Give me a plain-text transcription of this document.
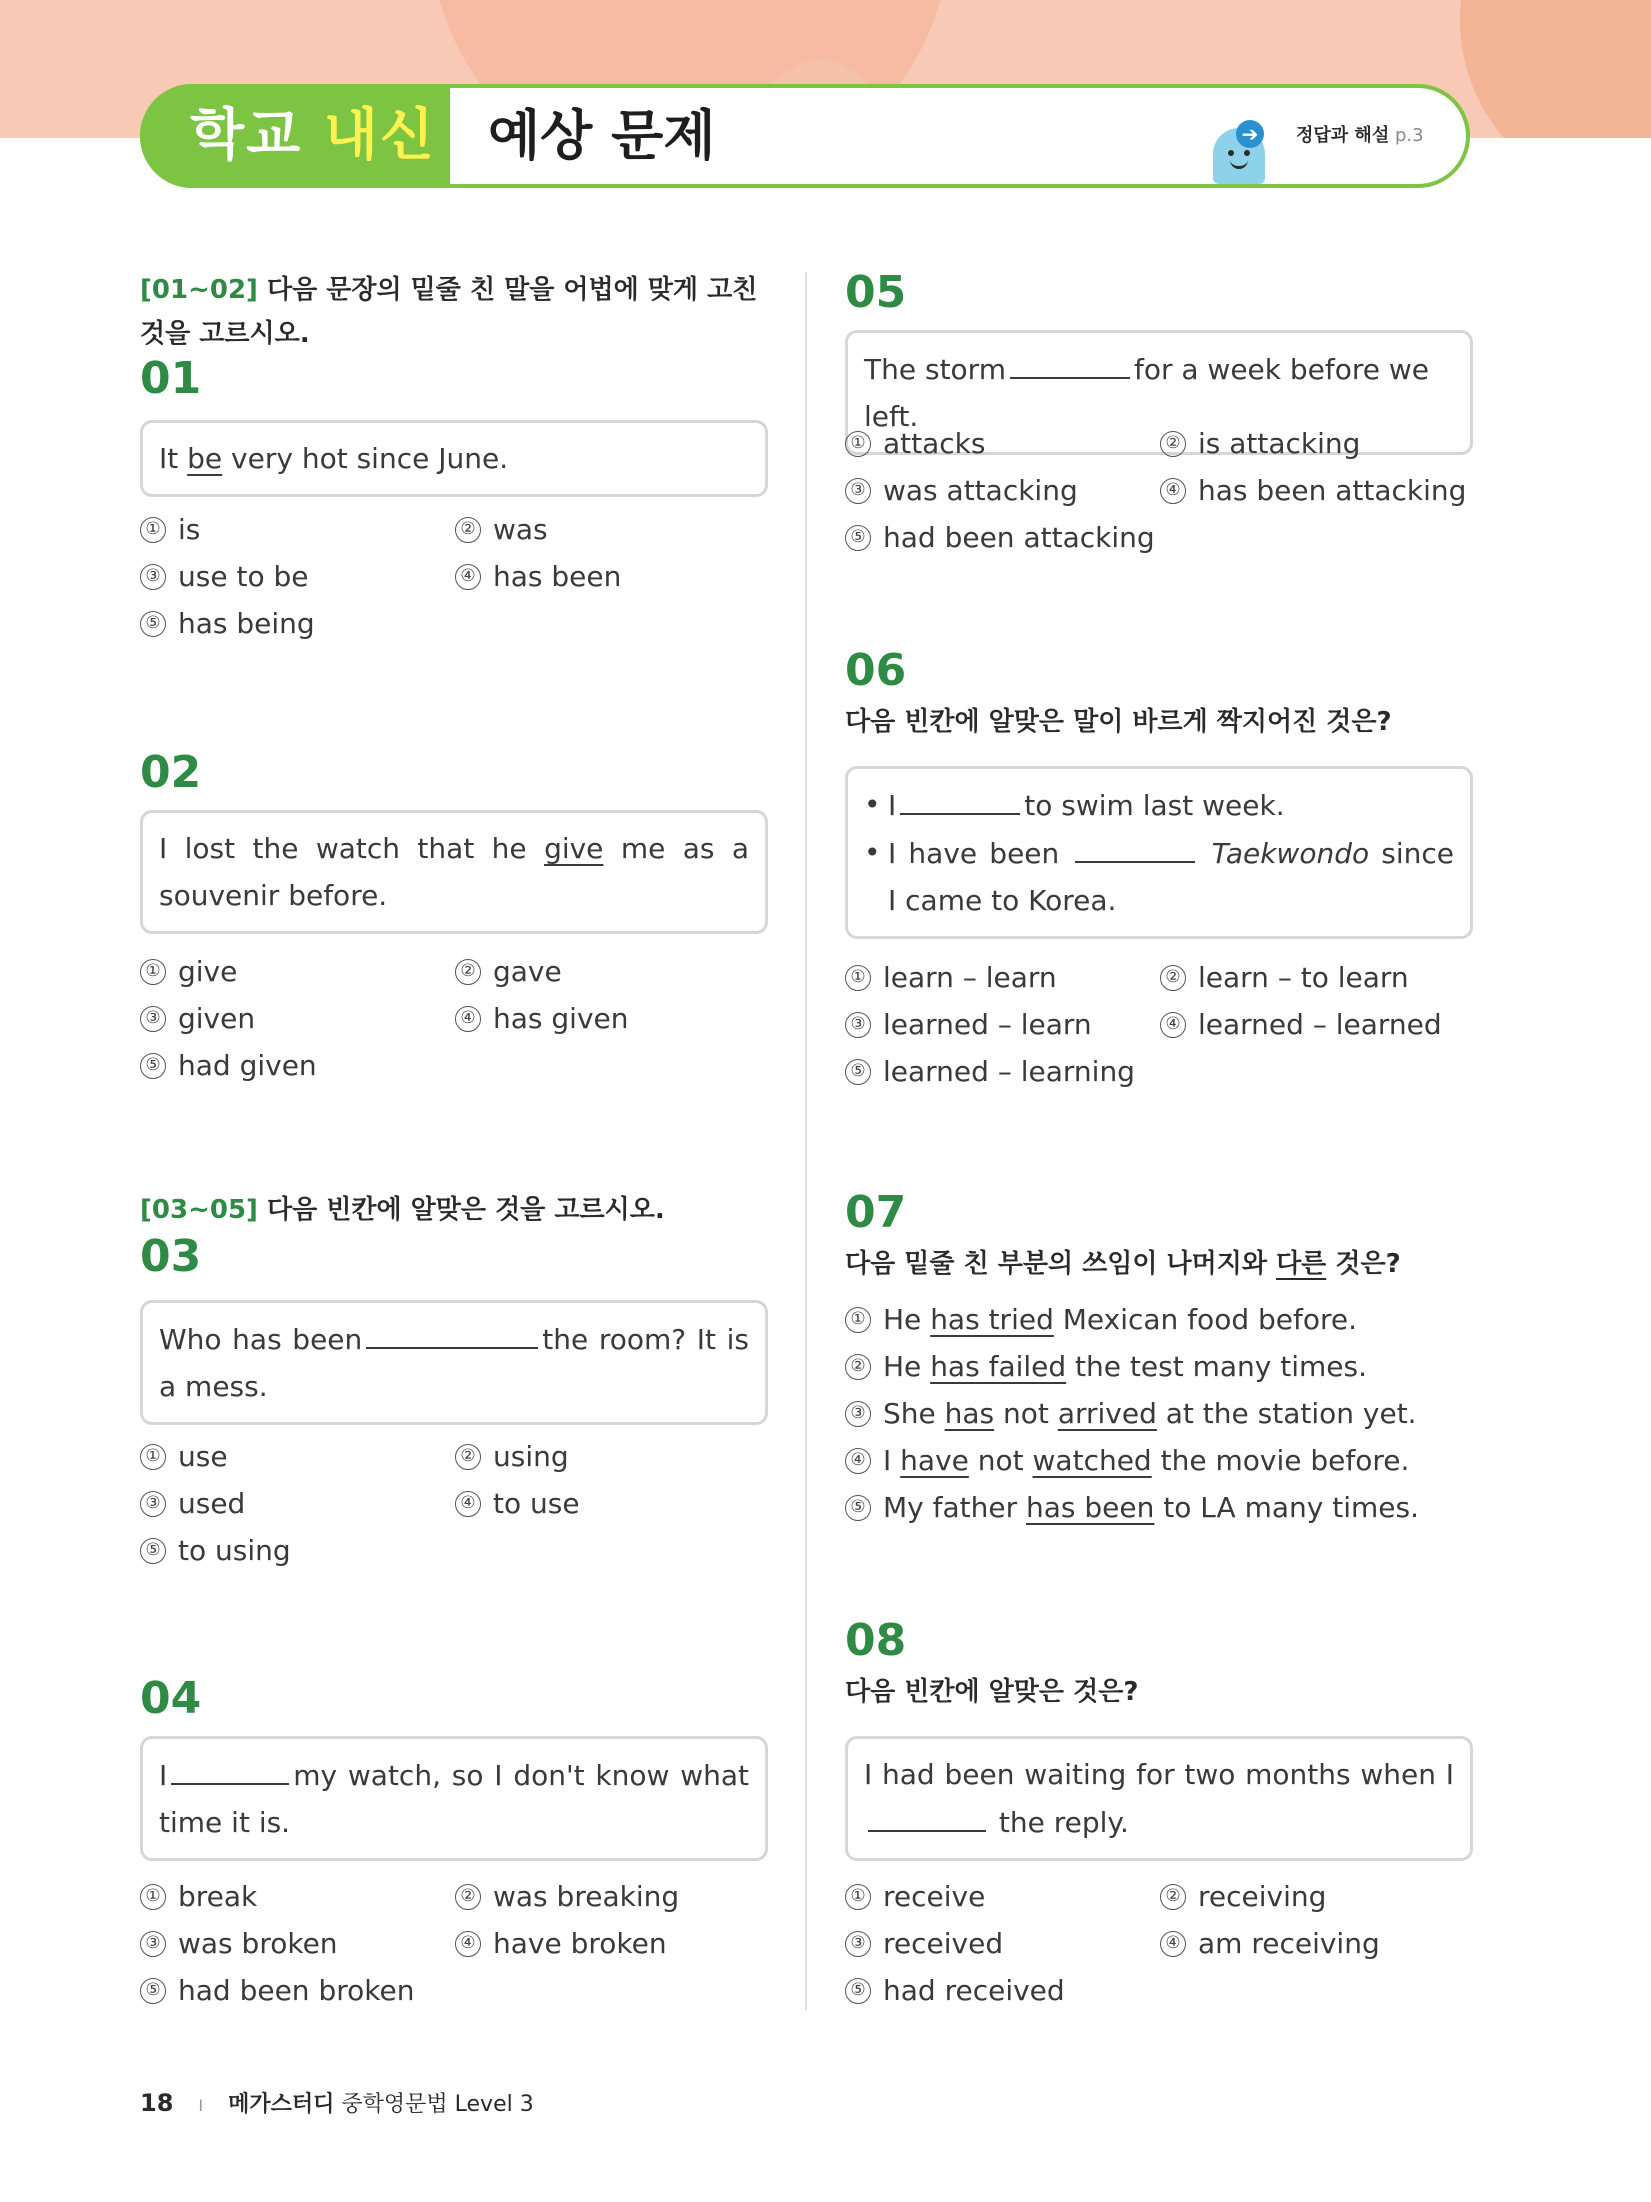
학교 내신 예상 문제	➔	정답과 해설 p.3
[01~02] 다음 문장의 밑줄 친 말을 어법에 맞게 고친 것을 고르시오.
01
It be very hot since June.
① is	② was
③ use to be	④ has been
⑤ has being
02
I lost the watch that he give me as a souvenir before.
① give	② gave
③ given	④ has given
⑤ had given
[03~05] 다음 빈칸에 알맞은 것을 고르시오.
03
Who has been	the room? It is a mess.
① use	② using
③ used	④ to use
⑤ to using
04
I	my watch, so I don't know what time it is.
① break	② was breaking
③ was broken	④ have broken
⑤ had been broken
05
The storm	for a week before we left.
① attacks	② is attacking
③ was attacking	④ has been attacking
⑤ had been attacking
06
다음 빈칸에 알맞은 말이 바르게 짝지어진 것은?
• I	to swim last week.
• I have been	Taekwondo since I came to Korea.
① learn – learn	② learn – to learn
③ learned – learn	④ learned – learned
⑤ learned – learning
07
다음 밑줄 친 부분의 쓰임이 나머지와 다른 것은?
① He has tried Mexican food before.
② He has failed the test many times.
③ She has not arrived at the station yet.
④ I have not watched the movie before.
⑤ My father has been to LA many times.
08
다음 빈칸에 알맞은 것은?
I had been waiting for two months when I  the reply.
① receive	② receiving
③ received	④ am receiving
⑤ had received
18 I 메가스터디 중학영문법 Level 3
